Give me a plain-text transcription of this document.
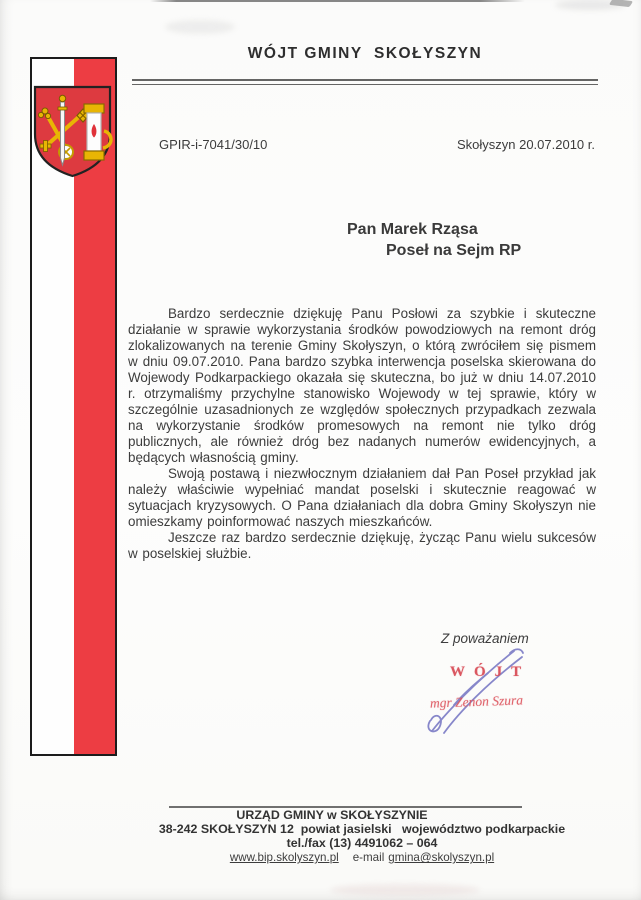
WÓJT GMINY  SKOŁYSZYN
GPIR-i-7041/30/10	Skołyszyn 20.07.2010 r.
Pan Marek Rząsa
Poseł na Sejm RP

Bardzo serdecznie dziękuję Panu Posłowi za szybkie i skuteczne działanie w sprawie wykorzystania środków powodziowych na remont dróg zlokalizowanych na terenie Gminy Skołyszyn, o którą zwróciłem się pismem w dniu 09.07.2010. Pana bardzo szybka interwencja poselska skierowana do Wojewody Podkarpackiego okazała się skuteczna, bo już w dniu 14.07.2010 r. otrzymaliśmy przychylne stanowisko Wojewody w tej sprawie, który w szczególnie uzasadnionych ze względów społecznych przypadkach zezwala na wykorzystanie środków promesowych na remont nie tylko dróg publicznych, ale również dróg bez nadanych numerów ewidencyjnych, a będących własnością gminy.

Swoją postawą i niezwłocznym działaniem dał Pan Poseł przykład jak należy właściwie wypełniać mandat poselski i skutecznie reagować w sytuacjach kryzysowych. O Pana działaniach dla dobra Gminy Skołyszyn nie omieszkamy poinformować naszych mieszkańców.

Jeszcze raz bardzo serdecznie dziękuję, życząc Panu wielu sukcesów w poselskiej służbie.

Z poważaniem
WÓJT
mgr Zenon Szura
URZĄD GMINY w SKOŁYSZYNIE
38-242 SKOŁYSZYN 12  powiat jasielski   województwo podkarpackie
tel./fax (13) 4491062 – 064
www.bip.skolyszyn.pl e-mail gmina@skolyszyn.pl
